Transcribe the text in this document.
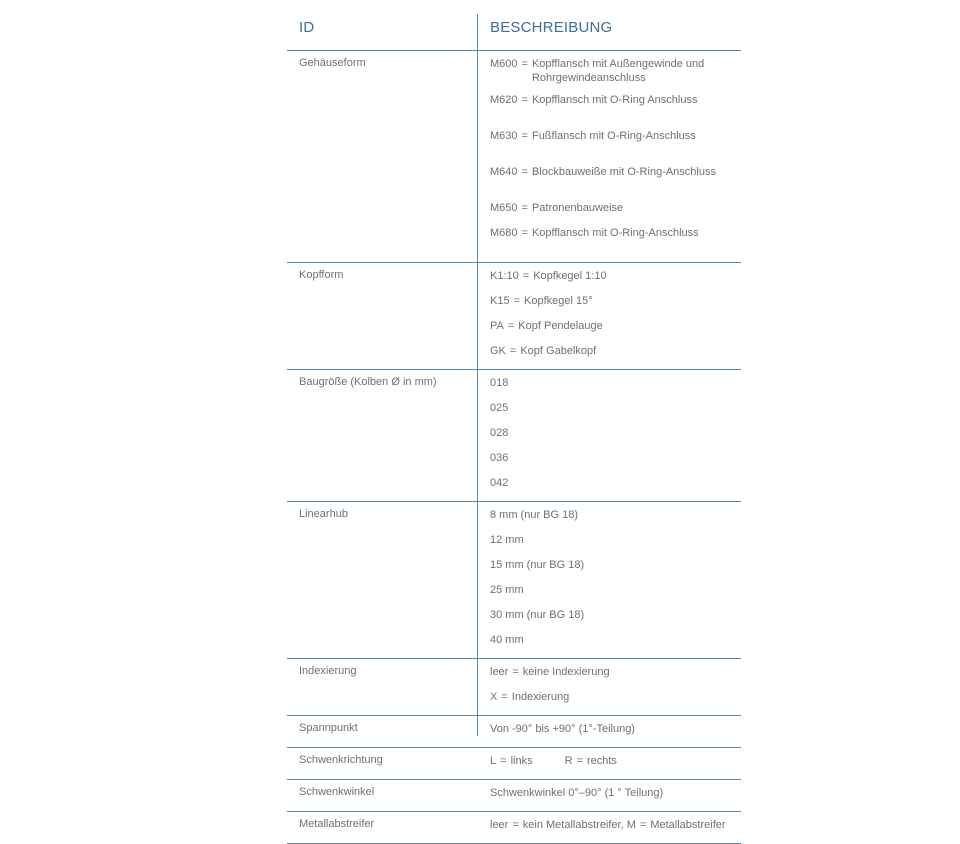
ID	BESCHREIBUNG
Gehäuseform	M600 = Kopfflansch mit Außengewinde und Rohrgewindeanschluss
M620 = Kopfflansch mit O-Ring Anschluss
M630 = Fußflansch mit O-Ring-Anschluss
M640 = Blockbauweiße mit O-Ring-Anschluss
M650 = Patronenbauweise
M680 = Kopfflansch mit O-Ring-Anschluss
Kopfform	K1:10 = Kopfkegel 1:10
K15 = Kopfkegel 15°
PA = Kopf Pendelauge
GK = Kopf Gabelkopf
Baugröße (Kolben Ø in mm)	018
025
028
036
042
Linearhub	8 mm (nur BG 18)
12 mm
15 mm (nur BG 18)
25 mm
30 mm (nur BG 18)
40 mm
Indexierung	leer = keine Indexierung
X = Indexierung
Spannpunkt	Von -90° bis +90° (1°-Teilung)
Schwenkrichtung	L = links	R = rechts
Schwenkwinkel	Schwenkwinkel 0°–90° (1 ° Teilung)
Metallabstreifer	leer = kein Metallabstreifer, M = Metallabstreifer
